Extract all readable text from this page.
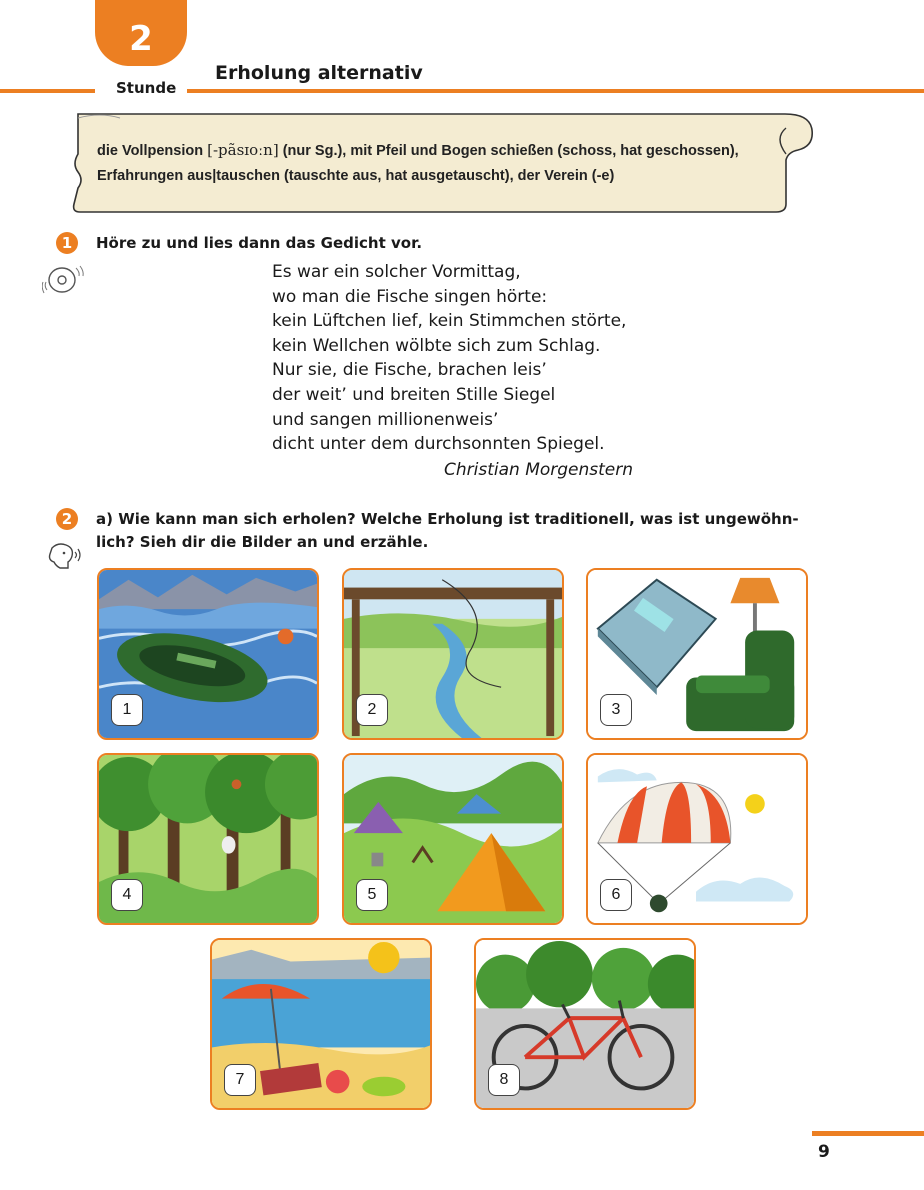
2
Stunde
Erholung alternativ
die Vollpension [-pãsɪoːn] (nur Sg.), mit Pfeil und Bogen schießen (schoss, hat geschossen),
Erfahrungen aus|tauschen (tauschte aus, hat ausgetauscht), der Verein (-e)
1	Höre zu und lies dann das Gedicht vor.
Es war ein solcher Vormittag,
wo man die Fische singen hörte:
kein Lüftchen lief, kein Stimmchen störte,
kein Wellchen wölbte sich zum Schlag.
Nur sie, die Fische, brachen leis’
der weit’ und breiten Stille Siegel
und sangen millionenweis’
dicht unter dem durchsonnten Spiegel.
Christian Morgenstern
2	a) Wie kann man sich erholen? Welche Erholung ist traditionell, was ist ungewöhn-
lich? Sieh dir die Bilder an und erzähle.
1	2	3
4	5	6
7	8
9
